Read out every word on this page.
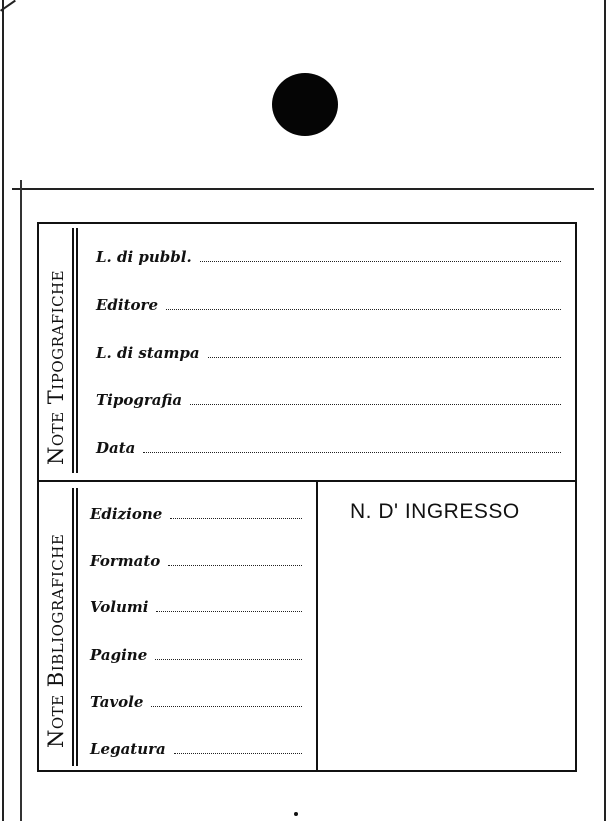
Note Tipografiche
Note Bibliografiche
L. di pubbl.
Editore
L. di stampa
Tipografia
Data
Edizione
Formato
Volumi
Pagine
Tavole
Legatura
N. D' INGRESSO
